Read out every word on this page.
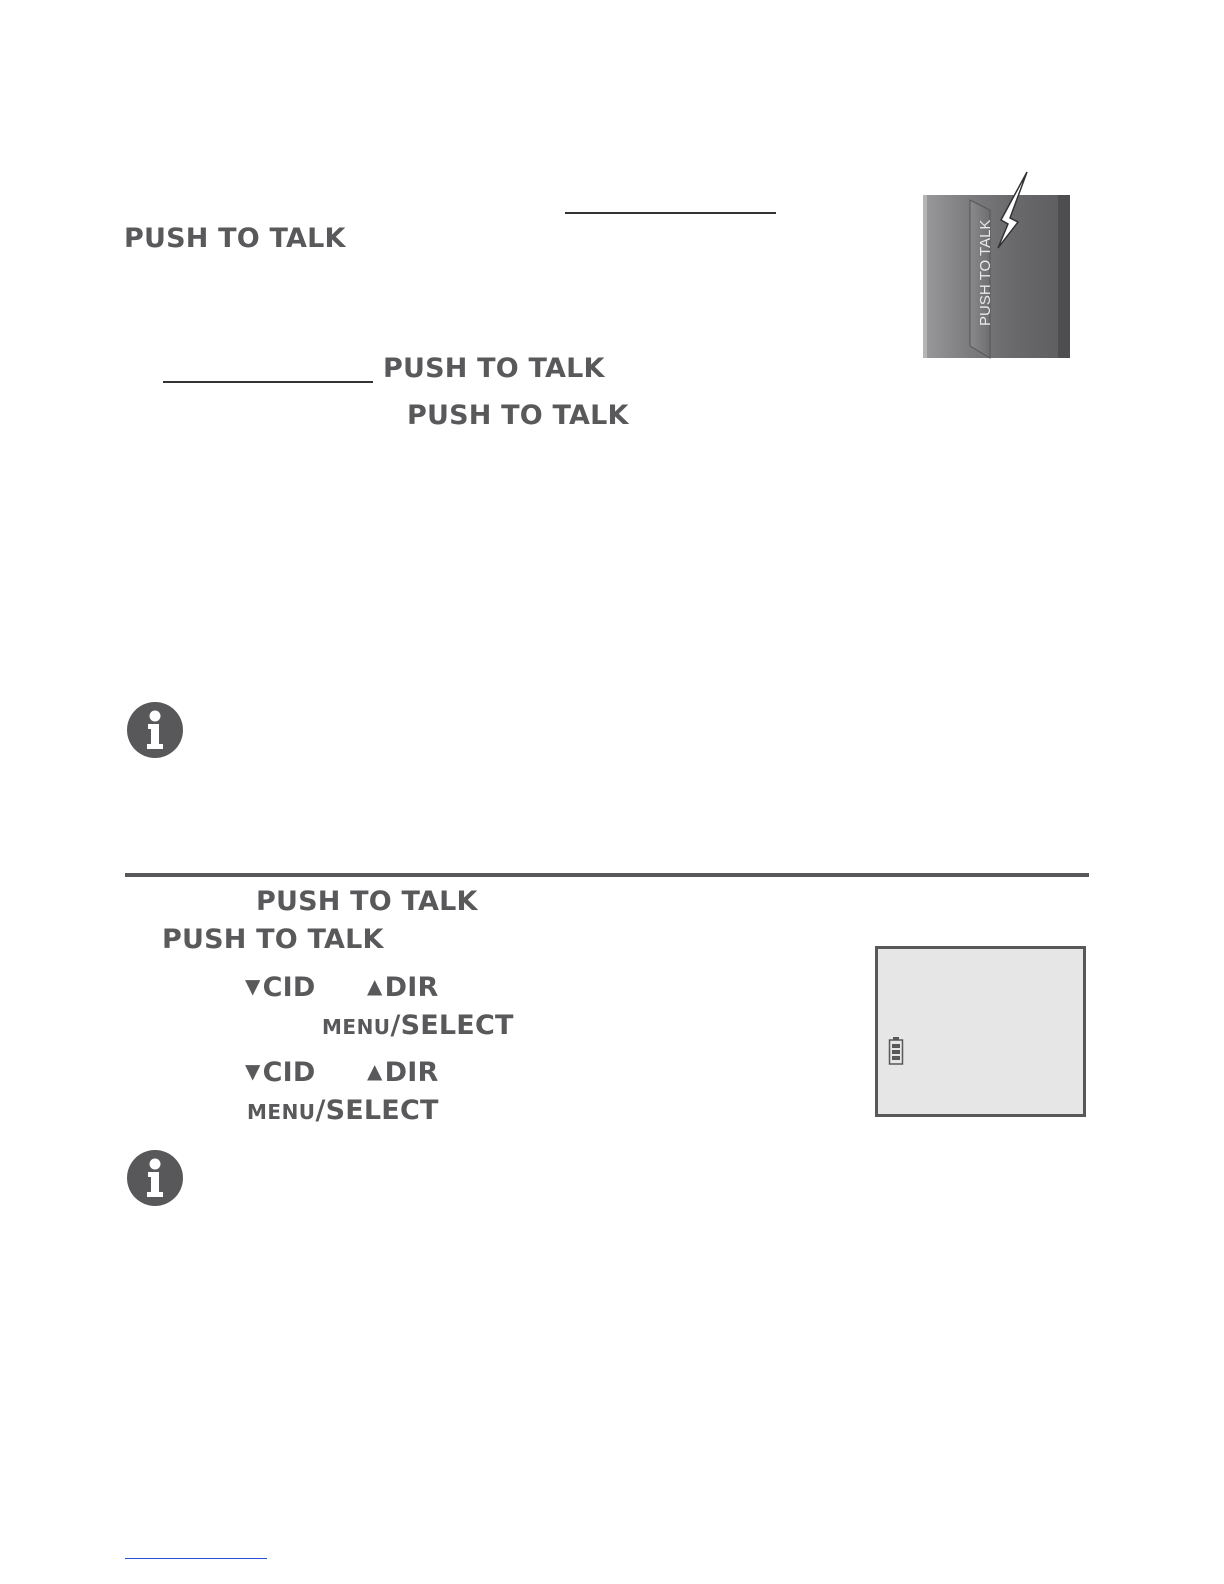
PUSH TO TALK
PUSH TO TALK
PUSH TO TALK
PUSH TO TALK
PUSH TO TALK
PUSH TO TALK
▼CID	▲DIR
MENU/SELECT
▼CID	▲DIR
MENU/SELECT
